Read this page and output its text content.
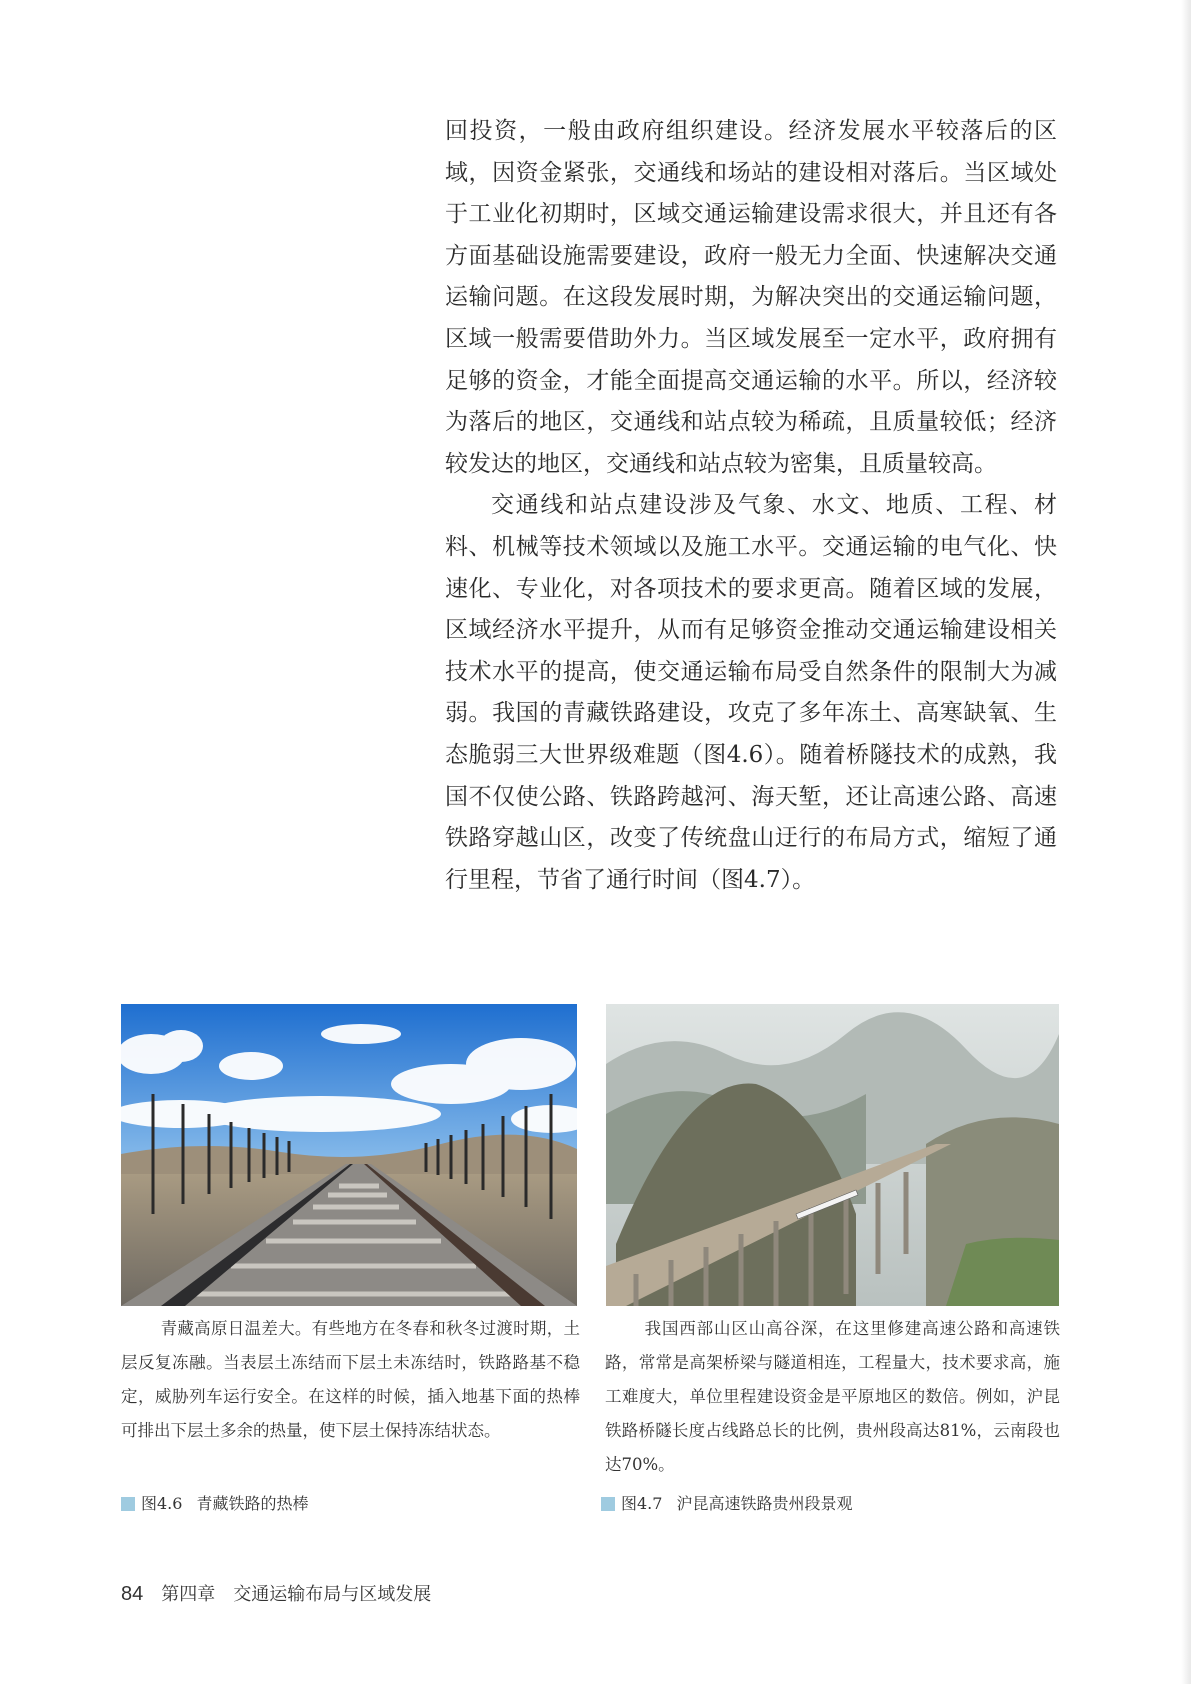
回投资，一般由政府组织建设。经济发展水平较落后的区域，因资金紧张，交通线和场站的建设相对落后。当区域处于工业化初期时，区域交通运输建设需求很大，并且还有各方面基础设施需要建设，政府一般无力全面、快速解决交通运输问题。在这段发展时期，为解决突出的交通运输问题，区域一般需要借助外力。当区域发展至一定水平，政府拥有足够的资金，才能全面提高交通运输的水平。所以，经济较为落后的地区，交通线和站点较为稀疏，且质量较低；经济较发达的地区，交通线和站点较为密集，且质量较高。

交通线和站点建设涉及气象、水文、地质、工程、材料、机械等技术领域以及施工水平。交通运输的电气化、快速化、专业化，对各项技术的要求更高。随着区域的发展，区域经济水平提升，从而有足够资金推动交通运输建设相关技术水平的提高，使交通运输布局受自然条件的限制大为减弱。我国的青藏铁路建设，攻克了多年冻土、高寒缺氧、生态脆弱三大世界级难题（图4.6）。随着桥隧技术的成熟，我国不仅使公路、铁路跨越河、海天堑，还让高速公路、高速铁路穿越山区，改变了传统盘山迂行的布局方式，缩短了通行里程，节省了通行时间（图4.7）。

青藏高原日温差大。有些地方在冬春和秋冬过渡时期，土层反复冻融。当表层土冻结而下层土未冻结时，铁路路基不稳定，威胁列车运行安全。在这样的时候，插入地基下面的热棒可排出下层土多余的热量，使下层土保持冻结状态。

我国西部山区山高谷深，在这里修建高速公路和高速铁路，常常是高架桥梁与隧道相连，工程量大，技术要求高，施工难度大，单位里程建设资金是平原地区的数倍。例如，沪昆铁路桥隧长度占线路总长的比例，贵州段高达81%，云南段也达70%。

图4.6 青藏铁路的热棒	图4.7 沪昆高速铁路贵州段景观
84 第四章 交通运输布局与区域发展
